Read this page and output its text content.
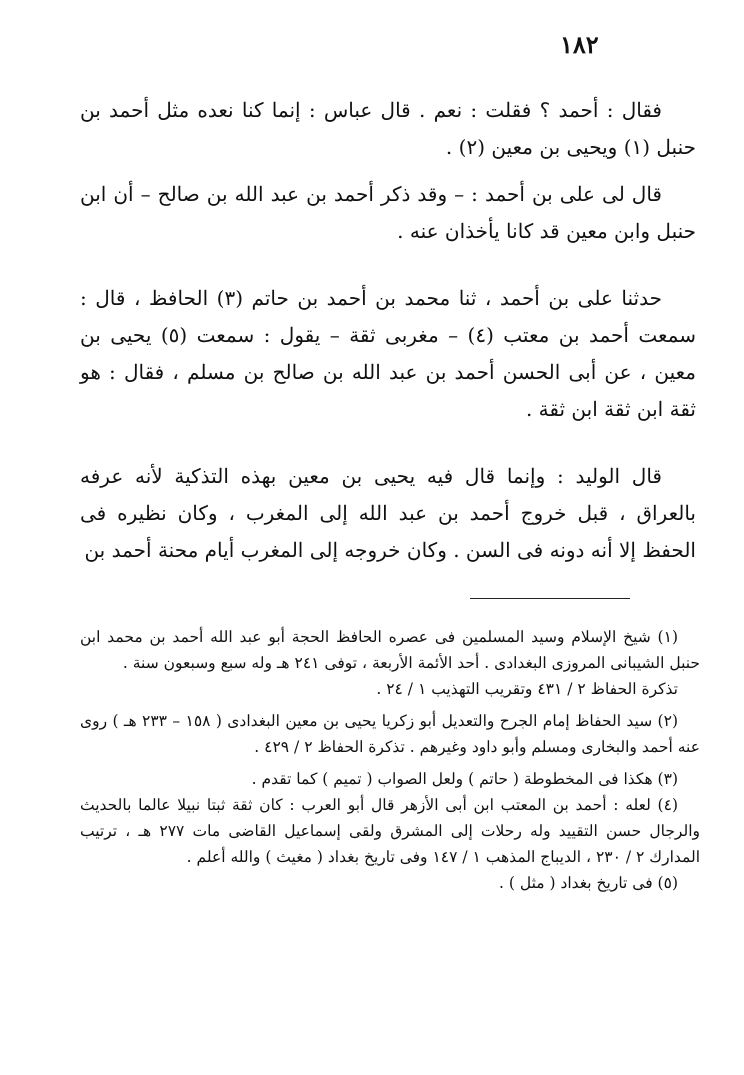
١٨٢

فقال : أحمد ؟ فقلت : نعم . قال عباس : إنما كنا نعده مثل أحمد بن حنبل (١) ويحيى بن معين (٢) .

قال لى على بن أحمد : – وقد ذكر أحمد بن عبد الله بن صالح – أن ابن حنبل وابن معين قد كانا يأخذان عنه .

حدثنا على بن أحمد ، ثنا محمد بن أحمد بن حاتم (٣) الحافظ ، قال : سمعت أحمد بن معتب (٤) – مغربى ثقة – يقول : سمعت (٥) يحيى بن معين ، عن أبى الحسن أحمد بن عبد الله بن صالح بن مسلم ، فقال : هو ثقة ابن ثقة ابن ثقة .

قال الوليد : وإنما قال فيه يحيى بن معين بهذه التذكية لأنه عرفه بالعراق ، قبل خروج أحمد بن عبد الله إلى المغرب ، وكان نظيره فى الحفظ إلا أنه دونه فى السن . وكان خروجه إلى المغرب أيام محنة أحمد بن

(١) شيخ الإسلام وسيد المسلمين فى عصره الحافظ الحجة أبو عبد الله أحمد بن محمد ابن حنبل الشيبانى المروزى البغدادى . أحد الأئمة الأربعة ، توفى ٢٤١ هـ وله سبع وسبعون سنة .

تذكرة الحفاظ ٢ / ٤٣١ وتقريب التهذيب ١ / ٢٤ .

(٢) سيد الحفاظ إمام الجرح والتعديل أبو زكريا يحيى بن معين البغدادى ( ١٥٨ – ٢٣٣ هـ ) روى عنه أحمد والبخارى ومسلم وأبو داود وغيرهم . تذكرة الحفاظ ٢ / ٤٢٩ .

(٣) هكذا فى المخطوطة ( حاتم ) ولعل الصواب ( تميم ) كما تقدم .

(٤) لعله : أحمد بن المعتب ابن أبى الأزهر قال أبو العرب : كان ثقة ثبتا نبيلا عالما بالحديث والرجال حسن التقييد وله رحلات إلى المشرق ولقى إسماعيل القاضى مات ٢٧٧ هـ ، ترتيب المدارك ٢ / ٢٣٠ ، الديباج المذهب ١ / ١٤٧ وفى تاريخ بغداد ( مغيث ) والله أعلم .

(٥) فى تاريخ بغداد ( مثل ) .
